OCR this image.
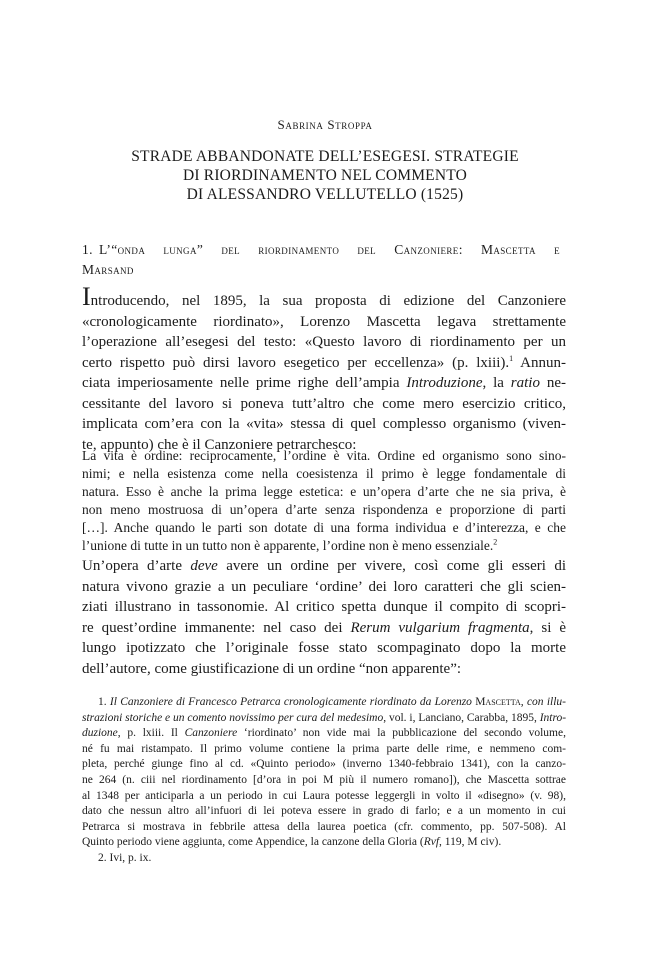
Sabrina Stroppa
STRADE ABBANDONATE DELL’ESEGESI. STRATEGIE
DI RIORDINAMENTO NEL COMMENTO
DI ALESSANDRO VELLUTELLO (1525)
1. L’“onda lunga” del riordinamento del Canzoniere: Mascetta e
Marsand
Introducendo, nel 1895, la sua proposta di edizione del Canzoniere
«cronologicamente riordinato», Lorenzo Mascetta legava strettamente
l’operazione all’esegesi del testo: «Questo lavoro di riordinamento per un
certo rispetto può dirsi lavoro esegetico per eccellenza» (p. lxiii).$^1$ Annun-
ciata imperiosamente nelle prime righe dell’ampia Introduzione, la ratio ne-
cessitante del lavoro si poneva tutt’altro che come mero esercizio critico,
implicata com’era con la «vita» stessa di quel complesso organismo (viven-
te, appunto) che è il Canzoniere petrarchesco:
La vita è ordine: reciprocamente, l’ordine è vita. Ordine ed organismo sono sino-
nimi; e nella esistenza come nella coesistenza il primo è legge fondamentale di
natura. Esso è anche la prima legge estetica: e un’opera d’arte che ne sia priva, è
non meno mostruosa di un’opera d’arte senza rispondenza e proporzione di parti
[…]. Anche quando le parti son dotate di una forma individua e d’interezza, e che
l’unione di tutte in un tutto non è apparente, l’ordine non è meno essenziale.$^2$
Un’opera d’arte deve avere un ordine per vivere, così come gli esseri di
natura vivono grazie a un peculiare ‘ordine’ dei loro caratteri che gli scien-
ziati illustrano in tassonomie. Al critico spetta dunque il compito di scopri-
re quest’ordine immanente: nel caso dei Rerum vulgarium fragmenta, si è
lungo ipotizzato che l’originale fosse stato scompaginato dopo la morte
dell’autore, come giustificazione di un ordine “non apparente”:
1. Il Canzoniere di Francesco Petrarca cronologicamente riordinato da Lorenzo Mascetta, con illu-
strazioni storiche e un comento novissimo per cura del medesimo, vol. i, Lanciano, Carabba, 1895, Intro-
duzione, p. lxiii. Il Canzoniere ‘riordinato’ non vide mai la pubblicazione del secondo volume,
né fu mai ristampato. Il primo volume contiene la prima parte delle rime, e nemmeno com-
pleta, perché giunge fino al cd. «Quinto periodo» (inverno 1340-febbraio 1341), con la canzo-
ne 264 (n. ciii nel riordinamento [d’ora in poi M più il numero romano]), che Mascetta sottrae
al 1348 per anticiparla a un periodo in cui Laura potesse leggergli in volto il «disegno» (v. 98),
dato che nessun altro all’infuori di lei poteva essere in grado di farlo; e a un momento in cui
Petrarca si mostrava in febbrile attesa della laurea poetica (cfr. commento, pp. 507-508). Al
Quinto periodo viene aggiunta, come Appendice, la canzone della Gloria (Rvf, 119, M civ).
2. Ivi, p. ix.
